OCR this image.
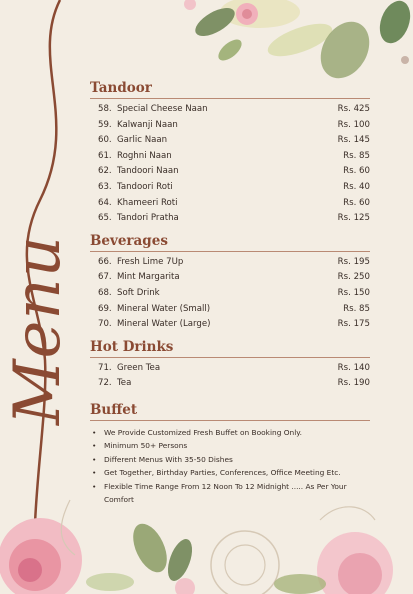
Menu
Tandoor
58. Special Cheese Naan	Rs. 425
59. Kalwanji Naan	Rs. 100
60. Garlic Naan	Rs. 145
61. Roghni Naan	Rs. 85
62. Tandoori Naan	Rs. 60
63. Tandoori Roti	Rs. 40
64. Khameeri Roti	Rs. 60
65. Tandori Pratha	Rs. 125
Beverages
66. Fresh Lime 7Up	Rs. 195
67. Mint Margarita	Rs. 250
68. Soft Drink	Rs. 150
69. Mineral Water (Small)	Rs. 85
70. Mineral Water (Large)	Rs. 175
Hot Drinks
71. Green Tea	Rs. 140
72. Tea	Rs. 190
Buffet
• We Provide Customized Fresh Buffet on Booking Only.
• Minimum 50+ Persons
• Different Menus With 35-50 Dishes
• Get Together, Birthday Parties, Conferences, Office Meeting Etc.
• Flexible Time Range From 12 Noon To 12 Midnight ..... As Per Your Comfort
